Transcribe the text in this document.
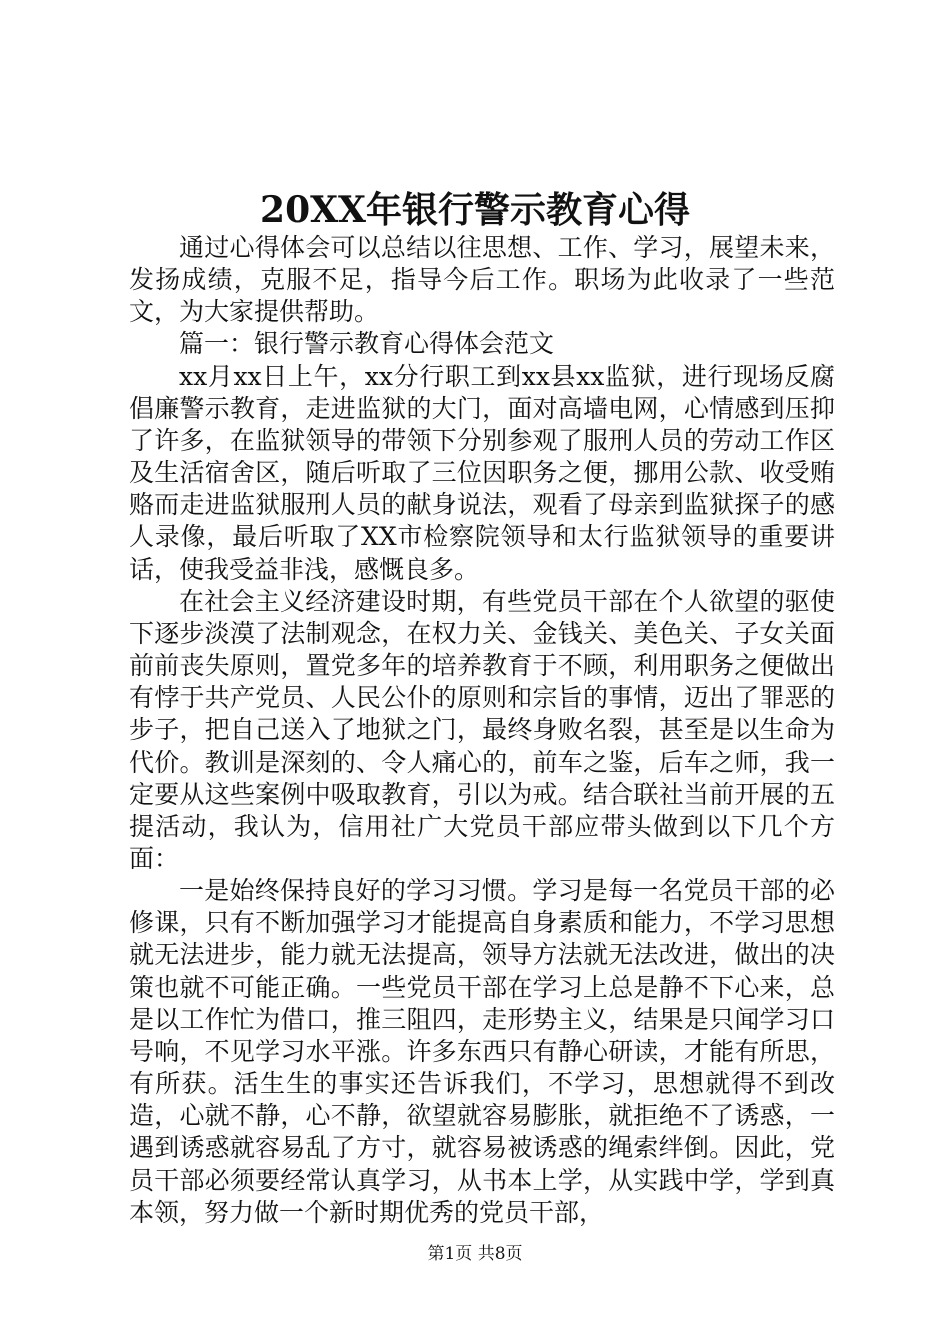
20XX年银行警示教育心得

通过心得体会可以总结以往思想、工作、学习，展望未来，发扬成绩，克服不足，指导今后工作。职场为此收录了一些范文，为大家提供帮助。

篇一：银行警示教育心得体会范文

xx月xx日上午，xx分行职工到xx县xx监狱，进行现场反腐倡廉警示教育，走进监狱的大门，面对高墙电网，心情感到压抑了许多，在监狱领导的带领下分别参观了服刑人员的劳动工作区及生活宿舍区，随后听取了三位因职务之便，挪用公款、收受贿赂而走进监狱服刑人员的献身说法，观看了母亲到监狱探子的感人录像，最后听取了XX市检察院领导和太行监狱领导的重要讲话，使我受益非浅，感慨良多。

在社会主义经济建设时期，有些党员干部在个人欲望的驱使下逐步淡漠了法制观念，在权力关、金钱关、美色关、子女关面前前丧失原则，置党多年的培养教育于不顾，利用职务之便做出有悖于共产党员、人民公仆的原则和宗旨的事情，迈出了罪恶的步子，把自己送入了地狱之门，最终身败名裂，甚至是以生命为代价。教训是深刻的、令人痛心的，前车之鉴，后车之师，我一定要从这些案例中吸取教育，引以为戒。结合联社当前开展的五提活动，我认为，信用社广大党员干部应带头做到以下几个方面：

一是始终保持良好的学习习惯。学习是每一名党员干部的必修课，只有不断加强学习才能提高自身素质和能力，不学习思想就无法进步，能力就无法提高，领导方法就无法改进，做出的决策也就不可能正确。一些党员干部在学习上总是静不下心来，总是以工作忙为借口，推三阻四，走形势主义，结果是只闻学习口号响，不见学习水平涨。许多东西只有静心研读，才能有所思，有所获。活生生的事实还告诉我们，不学习，思想就得不到改造，心就不静，心不静，欲望就容易膨胀，就拒绝不了诱惑，一遇到诱惑就容易乱了方寸，就容易被诱惑的绳索绊倒。因此，党员干部必须要经常认真学习，从书本上学，从实践中学，学到真本领，努力做一个新时期优秀的党员干部，

第1页 共8页
